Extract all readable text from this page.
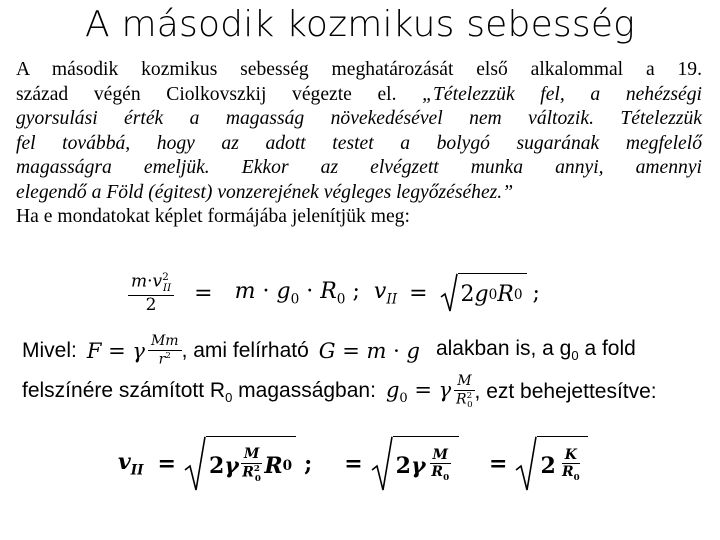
A második kozmikus sebesség
A második kozmikus sebesség meghatározását első alkalommal a 19.
század végén Ciolkovszkij végezte el. „Tételezzük fel, a nehézségi
gyorsulási érték a magasság növekedésével nem változik. Tételezzük
fel továbbá, hogy az adott testet a bolygó sugarának megfelelő
magasságra emeljük. Ekkor az elvégzett munka annyi, amennyi
elegendő a Föld (égitest) vonzerejének végleges legyőzéséhez.”
Ha e mondatokat képlet formájába jelenítjük meg:
$\frac{m\cdot v^2_{II}}{2} = m \cdot g_0 \cdot R_0$ ;  $v_{II} = 2$ g 0 R 0 ;
Mivel: F = γ $\frac{Mm}{r^2}$ , ami felírható G = m · g alakban is, a $g_0$ a fold
felszínére számított $R_0$ magasságban: $g_0 = \gamma \frac{M}{R^2_0}$ , ezt behejettesítve:
$v_{II} = 2$ γ $\frac{M}{R^2_0}$ R 0 ; = 2 γ $\frac{M}{R_0} = 2 \frac{K}{R_0}$
